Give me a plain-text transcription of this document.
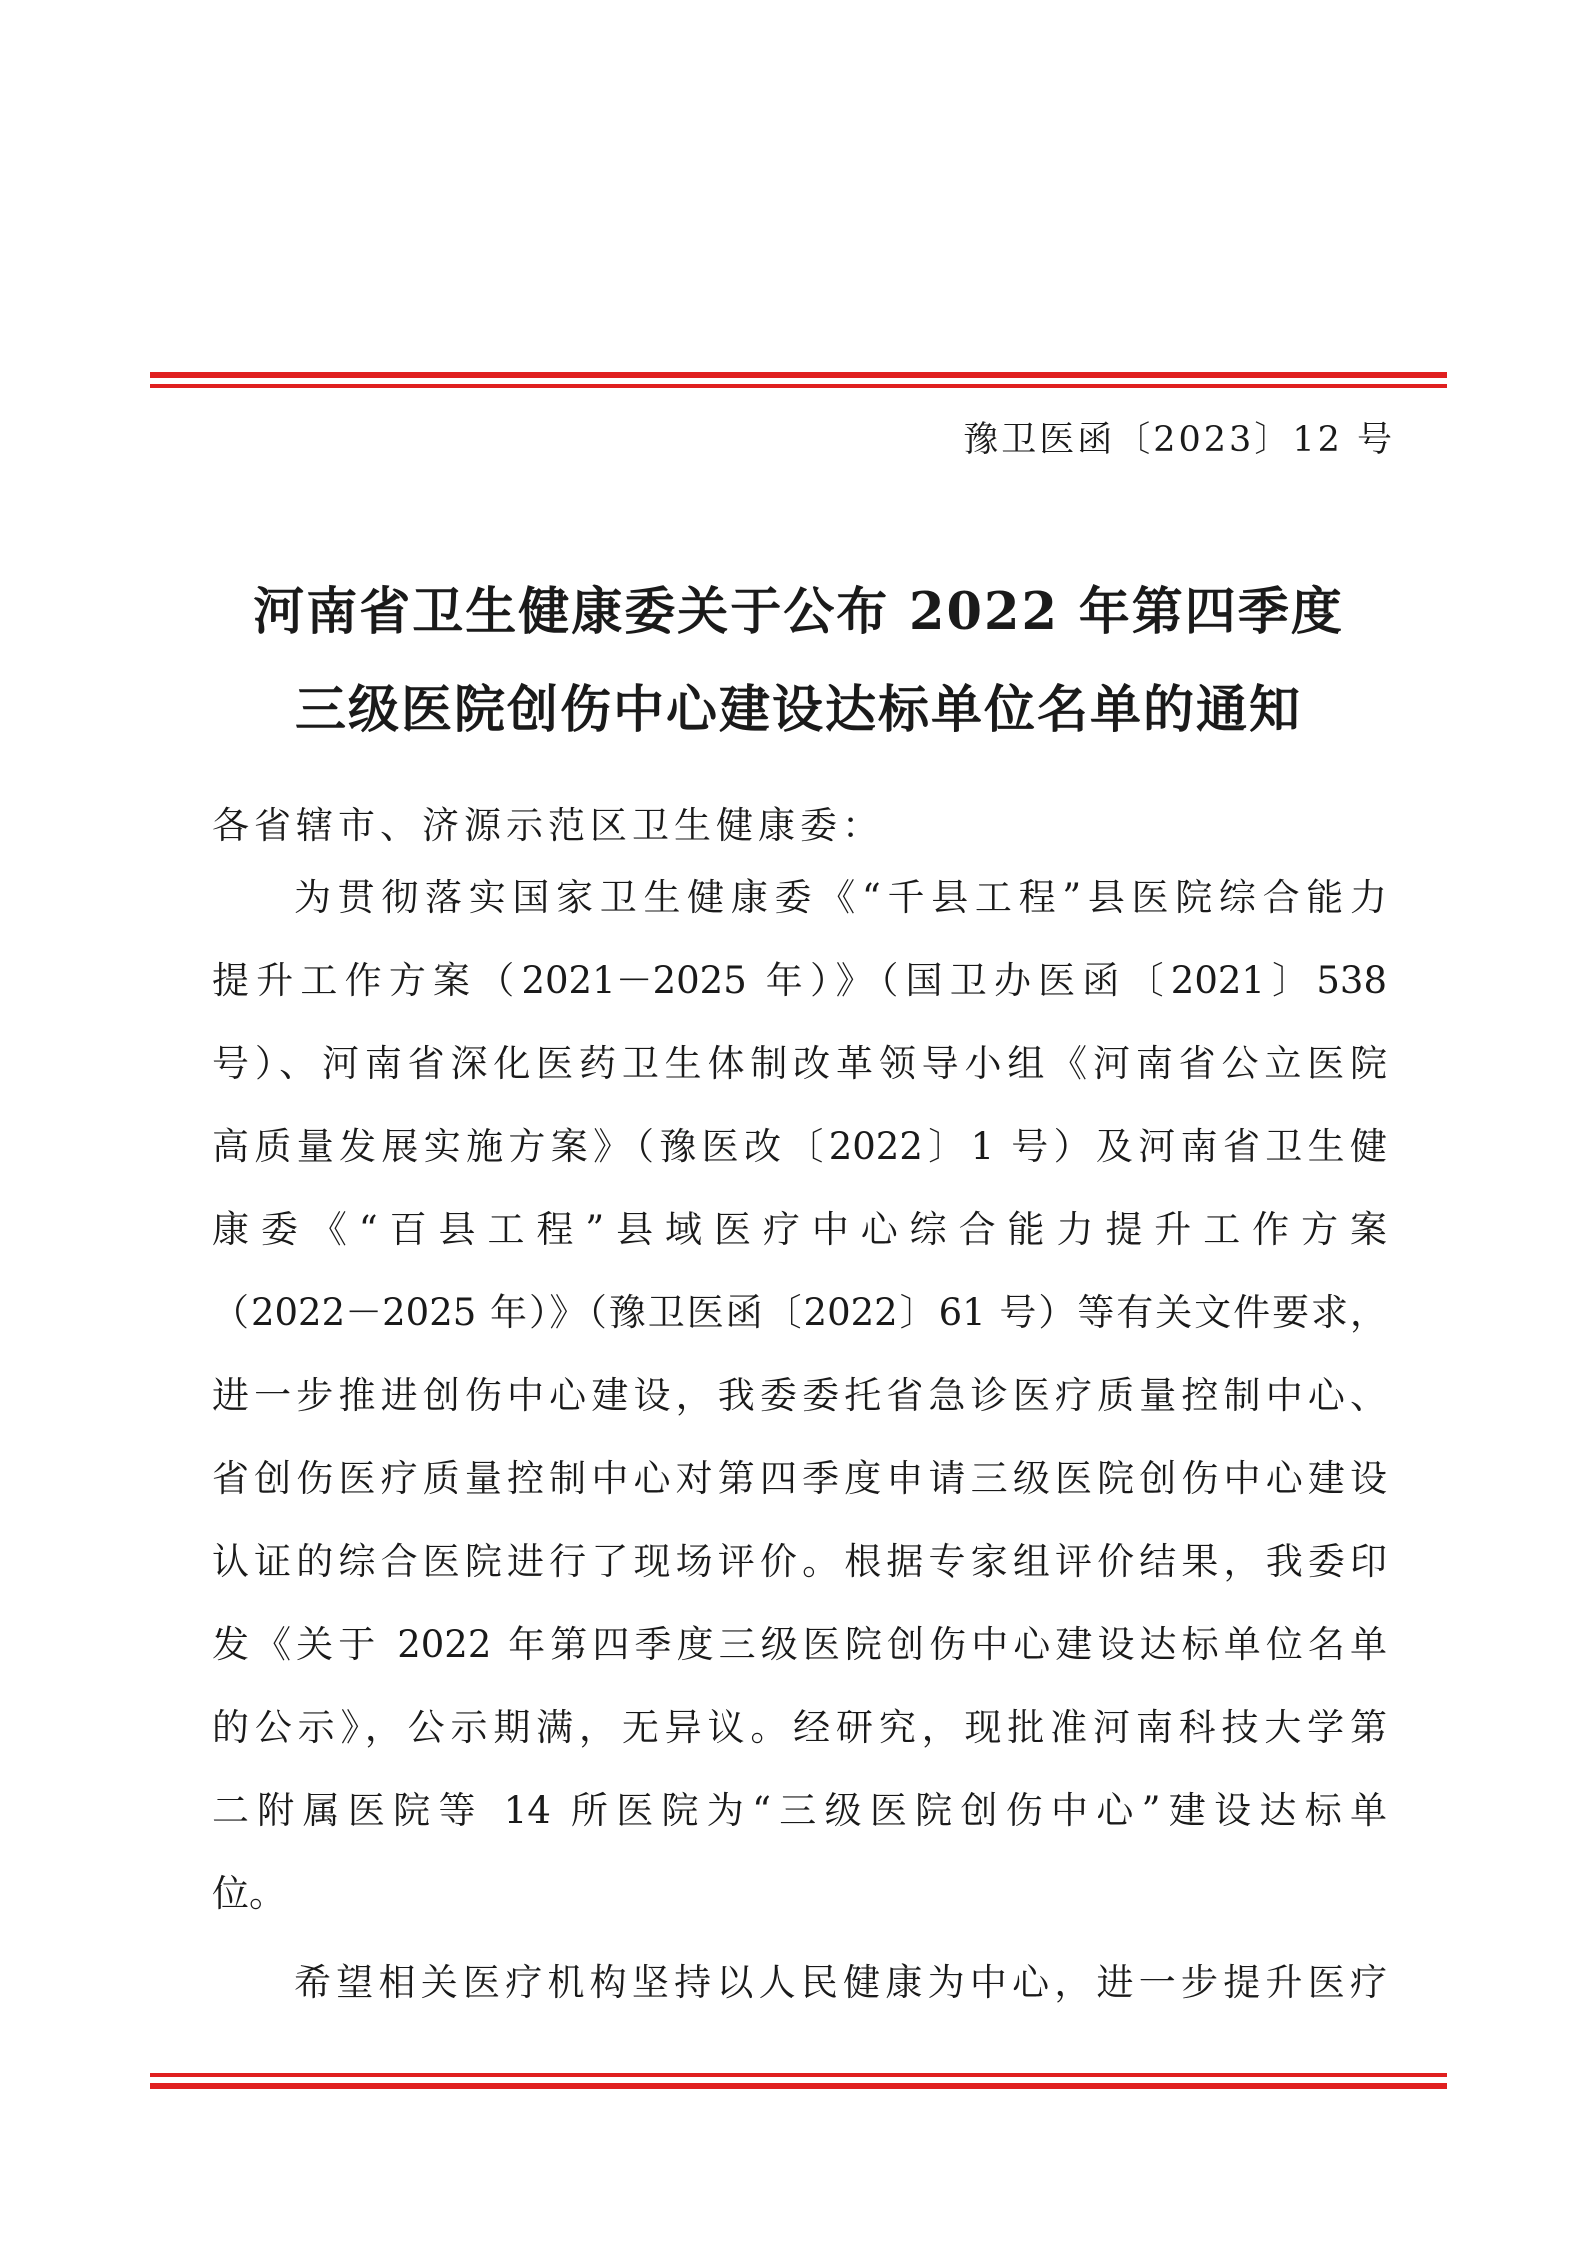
豫卫医函〔2023〕12 号
河南省卫生健康委关于公布 2022 年第四季度
三级医院创伤中心建设达标单位名单的通知
各省辖市、济源示范区卫生健康委：
为贯彻落实国家卫生健康委《“千县工程”县医院综合能力
提升工作方案（2021－2025 年）》（国卫办医函〔2021〕538
号）、河南省深化医药卫生体制改革领导小组《河南省公立医院
高质量发展实施方案》（豫医改〔2022〕1 号）及河南省卫生健
康委《“百县工程”县域医疗中心综合能力提升工作方案
（2022－2025 年）》（豫卫医函〔2022〕61 号）等有关文件要求，
进一步推进创伤中心建设，我委委托省急诊医疗质量控制中心、
省创伤医疗质量控制中心对第四季度申请三级医院创伤中心建设
认证的综合医院进行了现场评价。根据专家组评价结果，我委印
发《关于 2022 年第四季度三级医院创伤中心建设达标单位名单
的公示》，公示期满，无异议。经研究，现批准河南科技大学第
二附属医院等 14 所医院为“三级医院创伤中心”建设达标单
位。
希望相关医疗机构坚持以人民健康为中心，进一步提升医疗
